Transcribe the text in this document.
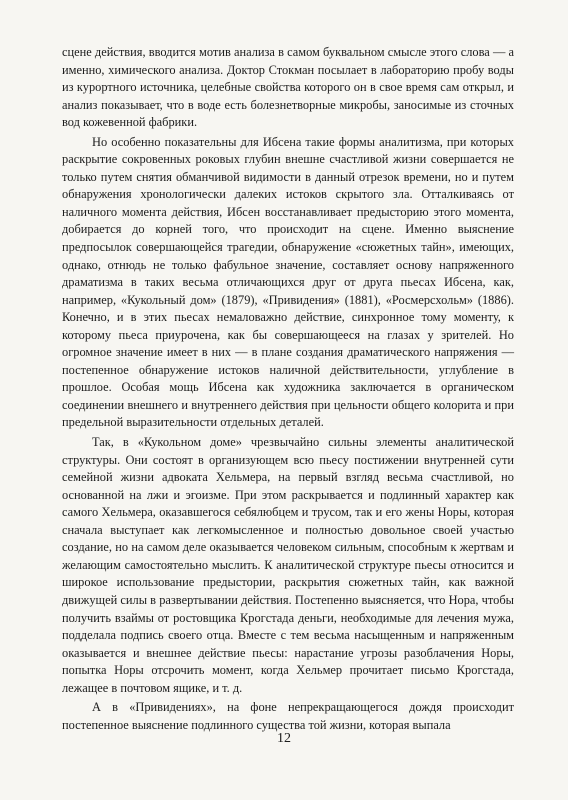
сцене действия, вводится мотив анализа в самом буквальном смысле этого слова — а именно, химического анализа. Доктор Стокман посылает в лабораторию пробу воды из курортного источника, целебные свойства которого он в свое время сам открыл, и анализ показывает, что в воде есть болезнетворные микробы, заносимые из сточных вод кожевенной фабрики.

Но особенно показательны для Ибсена такие формы аналитизма, при которых раскрытие сокровенных роковых глубин внешне счастливой жизни совершается не только путем снятия обманчивой видимости в данный отрезок времени, но и путем обнаружения хронологически далеких истоков скрытого зла. Отталкиваясь от наличного момента действия, Ибсен восстанавливает предысторию этого момента, добирается до корней того, что происходит на сцене. Именно выяснение предпосылок совершающейся трагедии, обнаружение «сюжетных тайн», имеющих, однако, отнюдь не только фабульное значение, составляет основу напряженного драматизма в таких весьма отличающихся друг от друга пьесах Ибсена, как, например, «Кукольный дом» (1879), «Привидения» (1881), «Росмерсхольм» (1886). Конечно, и в этих пьесах немаловажно действие, синхронное тому моменту, к которому пьеса приурочена, как бы совершающееся на глазах у зрителей. Но огромное значение имеет в них — в плане создания драматического напряжения — постепенное обнаружение истоков наличной действительности, углубление в прошлое. Особая мощь Ибсена как художника заключается в органическом соединении внешнего и внутреннего действия при цельности общего колорита и при предельной выразительности отдельных деталей.

Так, в «Кукольном доме» чрезвычайно сильны элементы аналитической структуры. Они состоят в организующем всю пьесу постижении внутренней сути семейной жизни адвоката Хельмера, на первый взгляд весьма счастливой, но основанной на лжи и эгоизме. При этом раскрывается и подлинный характер как самого Хельмера, оказавшегося себялюбцем и трусом, так и его жены Норы, которая сначала выступает как легкомысленное и полностью довольное своей участью создание, но на самом деле оказывается человеком сильным, способным к жертвам и желающим самостоятельно мыслить. К аналитической структуре пьесы относится и широкое использование предыстории, раскрытия сюжетных тайн, как важной движущей силы в развертывании действия. Постепенно выясняется, что Нора, чтобы получить взаймы от ростовщика Крогстада деньги, необходимые для лечения мужа, подделала подпись своего отца. Вместе с тем весьма насыщенным и напряженным оказывается и внешнее действие пьесы: нарастание угрозы разоблачения Норы, попытка Норы отсрочить момент, когда Хельмер прочитает письмо Крогстада, лежащее в почтовом ящике, и т. д.

А в «Привидениях», на фоне непрекращающегося дождя происходит постепенное выяснение подлинного существа той жизни, которая выпала

12
